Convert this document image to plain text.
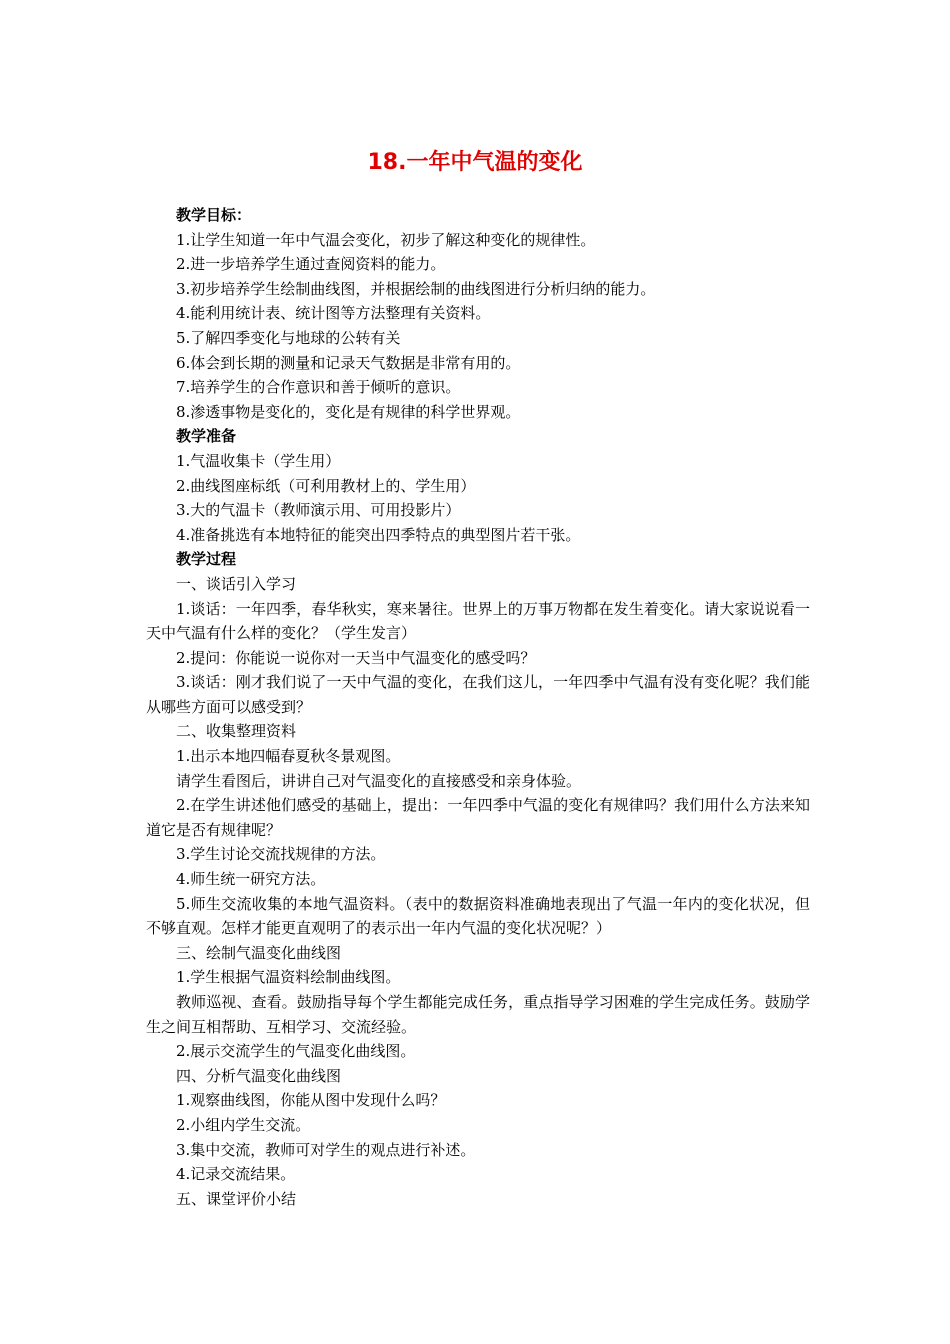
18.一年中气温的变化
教学目标：
1.让学生知道一年中气温会变化，初步了解这种变化的规律性。
2.进一步培养学生通过查阅资料的能力。
3.初步培养学生绘制曲线图，并根据绘制的曲线图进行分析归纳的能力。
4.能利用统计表、统计图等方法整理有关资料。
5.了解四季变化与地球的公转有关
6.体会到长期的测量和记录天气数据是非常有用的。
7.培养学生的合作意识和善于倾听的意识。
8.渗透事物是变化的，变化是有规律的科学世界观。
教学准备
1.气温收集卡（学生用）
2.曲线图座标纸（可利用教材上的、学生用）
3.大的气温卡（教师演示用、可用投影片）
4.准备挑选有本地特征的能突出四季特点的典型图片若干张。
教学过程
一、谈话引入学习
1.谈话：一年四季，春华秋实，寒来暑往。世界上的万事万物都在发生着变化。请大家说说看一天中气温有什么样的变化？（学生发言）
2.提问：你能说一说你对一天当中气温变化的感受吗？
3.谈话：刚才我们说了一天中气温的变化，在我们这儿，一年四季中气温有没有变化呢？我们能从哪些方面可以感受到？
二、收集整理资料
1.出示本地四幅春夏秋冬景观图。
请学生看图后，讲讲自己对气温变化的直接感受和亲身体验。
2.在学生讲述他们感受的基础上，提出：一年四季中气温的变化有规律吗？我们用什么方法来知道它是否有规律呢？
3.学生讨论交流找规律的方法。
4.师生统一研究方法。
5.师生交流收集的本地气温资料。（表中的数据资料准确地表现出了气温一年内的变化状况，但不够直观。怎样才能更直观明了的表示出一年内气温的变化状况呢？）
三、绘制气温变化曲线图
1.学生根据气温资料绘制曲线图。
教师巡视、查看。鼓励指导每个学生都能完成任务，重点指导学习困难的学生完成任务。鼓励学生之间互相帮助、互相学习、交流经验。
2.展示交流学生的气温变化曲线图。
四、分析气温变化曲线图
1.观察曲线图，你能从图中发现什么吗？
2.小组内学生交流。
3.集中交流，教师可对学生的观点进行补述。
4.记录交流结果。
五、课堂评价小结
